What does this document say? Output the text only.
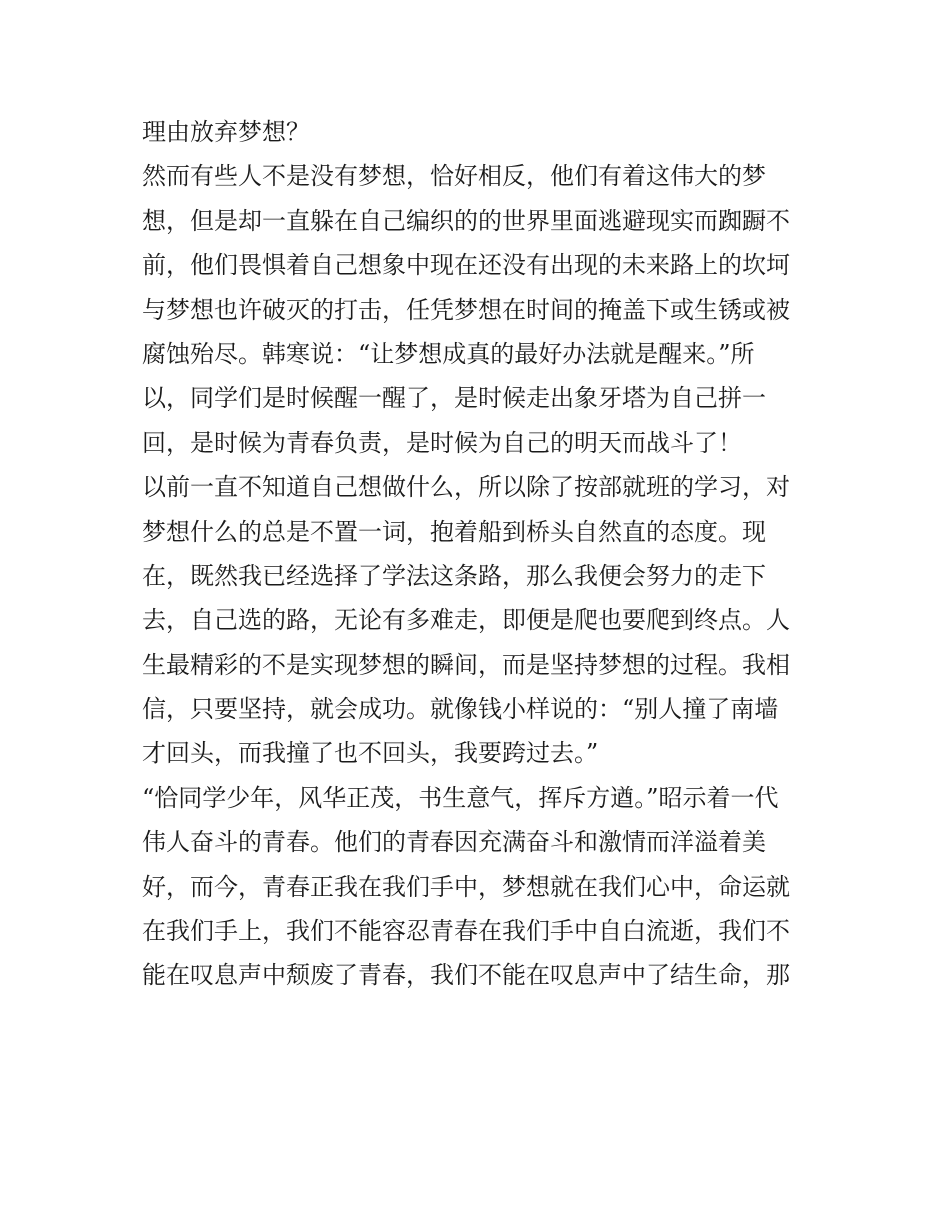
理由放弃梦想？
然而有些人不是没有梦想，恰好相反，他们有着这伟大的梦
想，但是却一直躲在自己编织的的世界里面逃避现实而踟蹰不
前，他们畏惧着自己想象中现在还没有出现的未来路上的坎坷
与梦想也许破灭的打击，任凭梦想在时间的掩盖下或生锈或被
腐蚀殆尽。韩寒说：“让梦想成真的最好办法就是醒来。”所
以，同学们是时候醒一醒了，是时候走出象牙塔为自己拼一
回，是时候为青春负责，是时候为自己的明天而战斗了！
以前一直不知道自己想做什么，所以除了按部就班的学习，对
梦想什么的总是不置一词，抱着船到桥头自然直的态度。现
在，既然我已经选择了学法这条路，那么我便会努力的走下
去，自己选的路，无论有多难走，即便是爬也要爬到终点。人
生最精彩的不是实现梦想的瞬间，而是坚持梦想的过程。我相
信，只要坚持，就会成功。就像钱小样说的：“别人撞了南墙
才回头，而我撞了也不回头，我要跨过去。”
“恰同学少年，风华正茂，书生意气，挥斥方遒。”昭示着一代
伟人奋斗的青春。他们的青春因充满奋斗和激情而洋溢着美
好，而今，青春正我在我们手中，梦想就在我们心中，命运就
在我们手上，我们不能容忍青春在我们手中自白流逝，我们不
能在叹息声中颓废了青春，我们不能在叹息声中了结生命，那
